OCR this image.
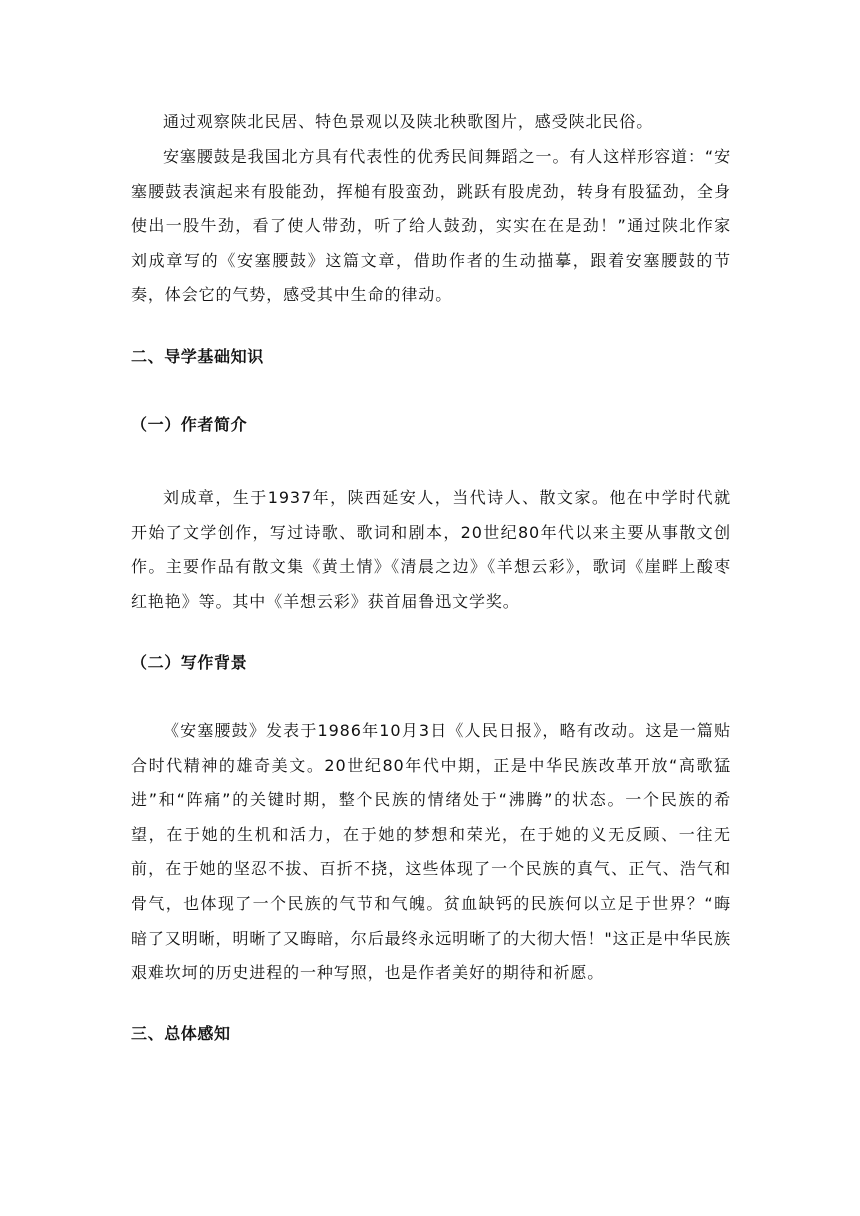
通过观察陕北民居、特色景观以及陕北秧歌图片，感受陕北民俗。

安塞腰鼓是我国北方具有代表性的优秀民间舞蹈之一。有人这样形容道：“安塞腰鼓表演起来有股能劲，挥槌有股蛮劲，跳跃有股虎劲，转身有股猛劲，全身使出一股牛劲，看了使人带劲，听了给人鼓劲，实实在在是劲！”通过陕北作家刘成章写的《安塞腰鼓》这篇文章，借助作者的生动描摹，跟着安塞腰鼓的节奏，体会它的气势，感受其中生命的律动。

二、导学基础知识
（一）作者简介

刘成章，生于1937年，陕西延安人，当代诗人、散文家。他在中学时代就开始了文学创作，写过诗歌、歌词和剧本，20世纪80年代以来主要从事散文创作。主要作品有散文集《黄土情》《清晨之边》《羊想云彩》，歌词《崖畔上酸枣红艳艳》等。其中《羊想云彩》获首届鲁迅文学奖。

（二）写作背景

《安塞腰鼓》发表于1986年10月3日《人民日报》，略有改动。这是一篇贴合时代精神的雄奇美文。20世纪80年代中期，正是中华民族改革开放“高歌猛进”和“阵痛”的关键时期，整个民族的情绪处于“沸腾”的状态。一个民族的希望，在于她的生机和活力，在于她的梦想和荣光，在于她的义无反顾、一往无前，在于她的坚忍不拔、百折不挠，这些体现了一个民族的真气、正气、浩气和骨气，也体现了一个民族的气节和气魄。贫血缺钙的民族何以立足于世界？“晦暗了又明晰，明晰了又晦暗，尔后最终永远明晰了的大彻大悟！"这正是中华民族艰难坎坷的历史进程的一种写照，也是作者美好的期待和祈愿。

三、总体感知
